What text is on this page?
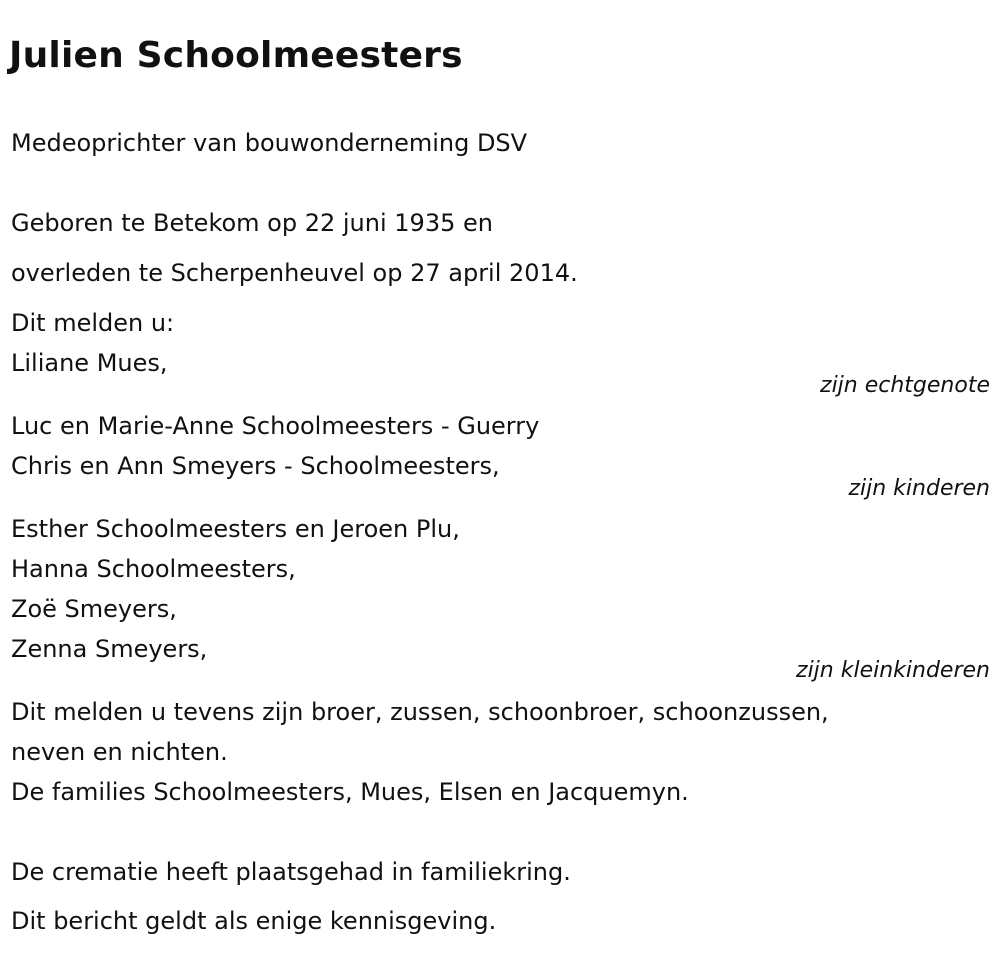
Julien Schoolmeesters

Medeoprichter van bouwonderneming DSV

Geboren te Betekom op 22 juni 1935 en

overleden te Scherpenheuvel op 27 april 2014.

Dit melden u:

Liliane Mues,

zijn echtgenote

Luc en Marie-Anne Schoolmeesters - Guerry

Chris en Ann Smeyers - Schoolmeesters,

zijn kinderen

Esther Schoolmeesters en Jeroen Plu,

Hanna Schoolmeesters,

Zoë Smeyers,

Zenna Smeyers,

zijn kleinkinderen

Dit melden u tevens zijn broer, zussen, schoonbroer, schoonzussen,

neven en nichten.

De families Schoolmeesters, Mues, Elsen en Jacquemyn.

De crematie heeft plaatsgehad in familiekring.

Dit bericht geldt als enige kennisgeving.
